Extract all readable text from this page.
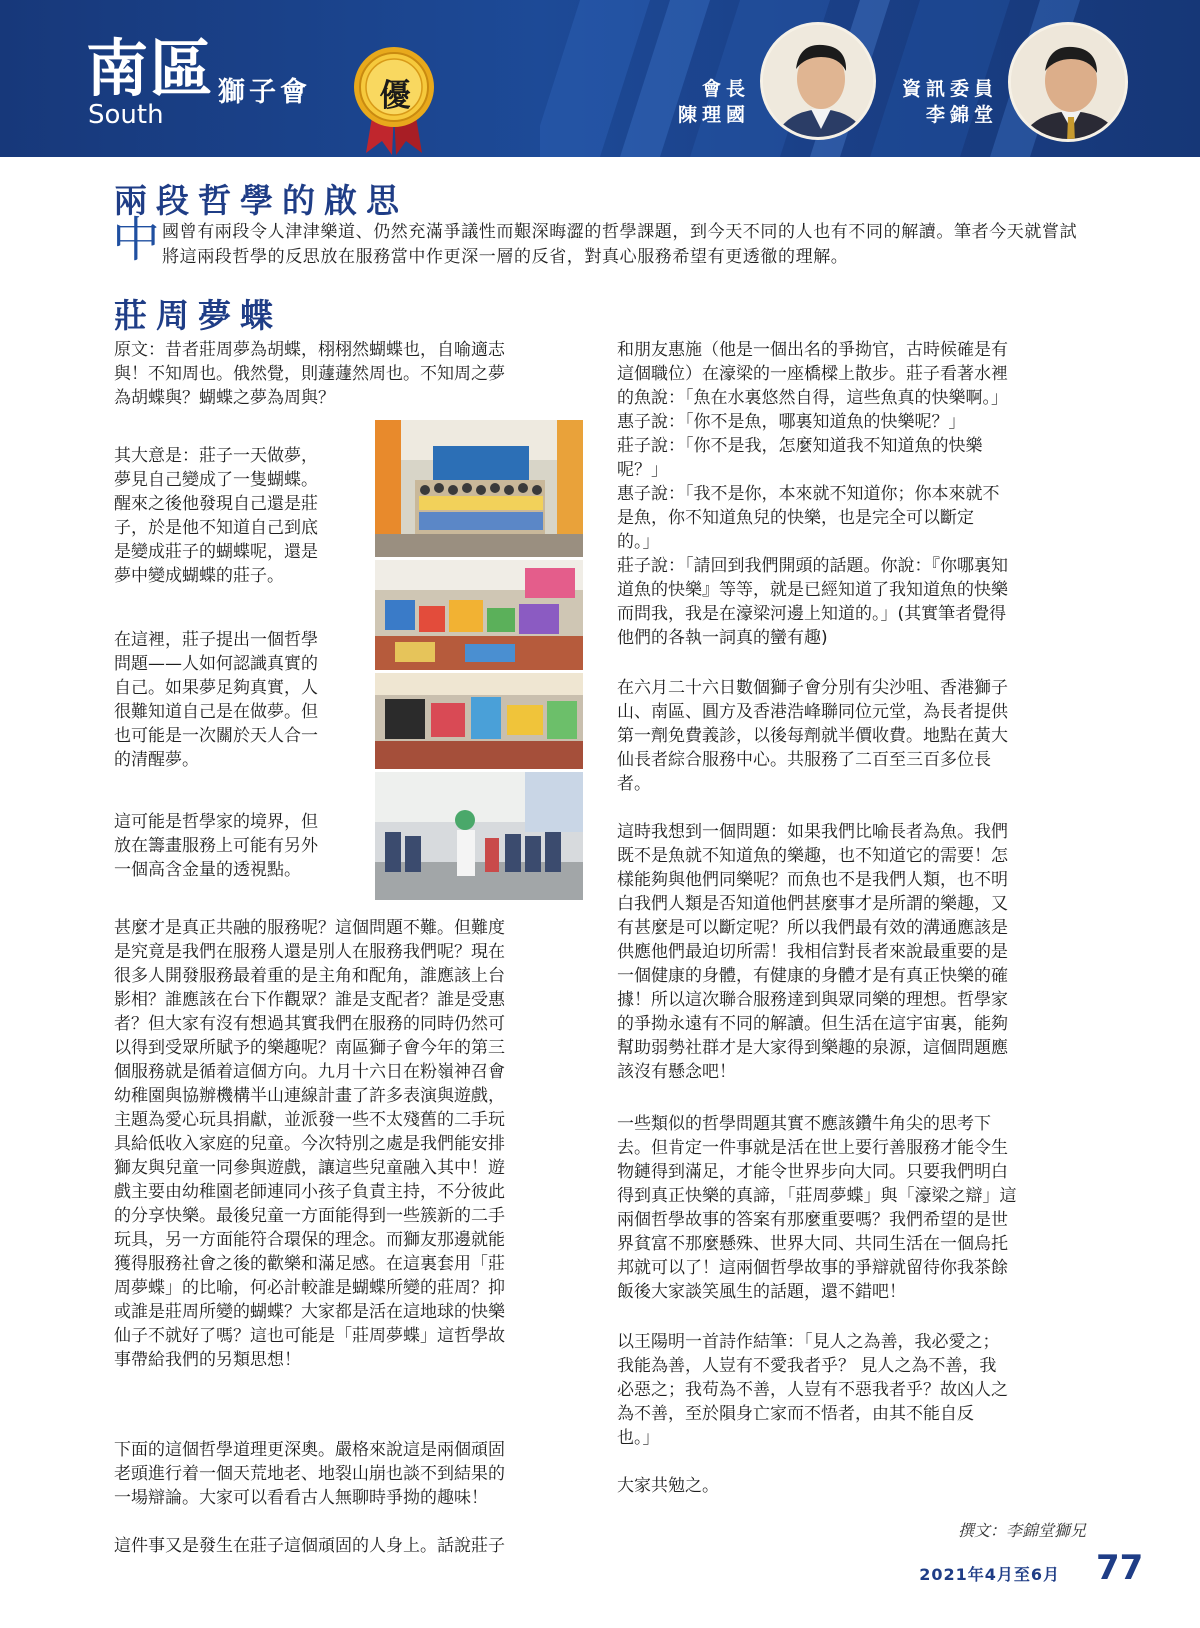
南區 獅子會
South
優	會長
陳理國
資訊委員
李錦堂
兩段哲學的啟思
中 國曾有兩段令人津津樂道、仍然充滿爭議性而艱深晦澀的哲學課題，到今天不同的人也有不同的解讀。筆者今天就嘗試將這兩段哲學的反思放在服務當中作更深一層的反省，對真心服務希望有更透徹的理解。
莊周夢蝶
原文：昔者莊周夢為胡蝶，栩栩然蝴蝶也，自喻適志
與！不知周也。俄然覺，則蘧蘧然周也。不知周之夢
為胡蝶與？蝴蝶之夢為周與？
其大意是：莊子一天做夢，
夢見自己變成了一隻蝴蝶。
醒來之後他發現自己還是莊
子，於是他不知道自己到底
是變成莊子的蝴蝶呢，還是
夢中變成蝴蝶的莊子。
在這裡，莊子提出一個哲學
問題——人如何認識真實的
自己。如果夢足夠真實，人
很難知道自己是在做夢。但
也可能是一次關於天人合一
的清醒夢。
這可能是哲學家的境界，但
放在籌畫服務上可能有另外
一個高含金量的透視點。
甚麼才是真正共融的服務呢？這個問題不難。但難度
是究竟是我們在服務人還是別人在服務我們呢？現在
很多人開發服務最着重的是主角和配角，誰應該上台
影相？誰應該在台下作觀眾？誰是支配者？誰是受惠
者？但大家有沒有想過其實我們在服務的同時仍然可
以得到受眾所賦予的樂趣呢？南區獅子會今年的第三
個服務就是循着這個方向。九月十六日在粉嶺神召會
幼稚園與協辦機構半山連線計畫了許多表演與遊戲，
主題為愛心玩具捐獻，並派發一些不太殘舊的二手玩
具給低收入家庭的兒童。今次特別之處是我們能安排
獅友與兒童一同參與遊戲，讓這些兒童融入其中！遊
戲主要由幼稚園老師連同小孩子負責主持，不分彼此
的分享快樂。最後兒童一方面能得到一些簇新的二手
玩具，另一方面能符合環保的理念。而獅友那邊就能
獲得服務社會之後的歡樂和滿足感。在這裏套用「莊
周夢蝶」的比喻，何必計較誰是蝴蝶所變的莊周？抑
或誰是莊周所變的蝴蝶？大家都是活在這地球的快樂
仙子不就好了嗎？這也可能是「莊周夢蝶」這哲學故
事帶給我們的另類思想！
下面的這個哲學道理更深奧。嚴格來說這是兩個頑固
老頭進行着一個天荒地老、地裂山崩也談不到結果的
一場辯論。大家可以看看古人無聊時爭拗的趣味！
這件事又是發生在莊子這個頑固的人身上。話說莊子
和朋友惠施（他是一個出名的爭拗官，古時候確是有
這個職位）在濠梁的一座橋樑上散步。莊子看著水裡
的魚說：「魚在水裏悠然自得，這些魚真的快樂啊。」
惠子說：「你不是魚，哪裏知道魚的快樂呢？」
莊子說：「你不是我，怎麼知道我不知道魚的快樂
呢？」
惠子說：「我不是你，本來就不知道你；你本來就不
是魚，你不知道魚兒的快樂，也是完全可以斷定
的。」
莊子說：「請回到我們開頭的話題。你說：『你哪裏知
道魚的快樂』等等，就是已經知道了我知道魚的快樂
而問我，我是在濠梁河邊上知道的。」(其實筆者覺得
他們的各執一詞真的蠻有趣)
在六月二十六日數個獅子會分別有尖沙咀、香港獅子
山、南區、圓方及香港浩峰聯同位元堂，為長者提供
第一劑免費義診，以後每劑就半價收費。地點在黃大
仙長者綜合服務中心。共服務了二百至三百多位長
者。
這時我想到一個問題：如果我們比喻長者為魚。我們
既不是魚就不知道魚的樂趣，也不知道它的需要！怎
樣能夠與他們同樂呢？而魚也不是我們人類，也不明
白我們人類是否知道他們甚麼事才是所謂的樂趣，又
有甚麼是可以斷定呢？所以我們最有效的溝通應該是
供應他們最迫切所需！我相信對長者來說最重要的是
一個健康的身體，有健康的身體才是有真正快樂的確
據！所以這次聯合服務達到與眾同樂的理想。哲學家
的爭拗永遠有不同的解讀。但生活在這宇宙裏，能夠
幫助弱勢社群才是大家得到樂趣的泉源，這個問題應
該沒有懸念吧！
一些類似的哲學問題其實不應該鑽牛角尖的思考下
去。但肯定一件事就是活在世上要行善服務才能令生
物鏈得到滿足，才能令世界步向大同。只要我們明白
得到真正快樂的真諦，「莊周夢蝶」與「濠梁之辯」這
兩個哲學故事的答案有那麼重要嗎？我們希望的是世
界貧富不那麼懸殊、世界大同、共同生活在一個烏托
邦就可以了！這兩個哲學故事的爭辯就留待你我茶餘
飯後大家談笑風生的話題，還不錯吧！
以王陽明一首詩作結筆：「見人之為善，我必愛之；
我能為善，人豈有不愛我者乎？ 見人之為不善，我
必惡之；我苟為不善，人豈有不惡我者乎？故凶人之
為不善，至於隕身亡家而不悟者，由其不能自反
也。」
大家共勉之。
撰文：李錦堂獅兄
2021年4月至6月 77
